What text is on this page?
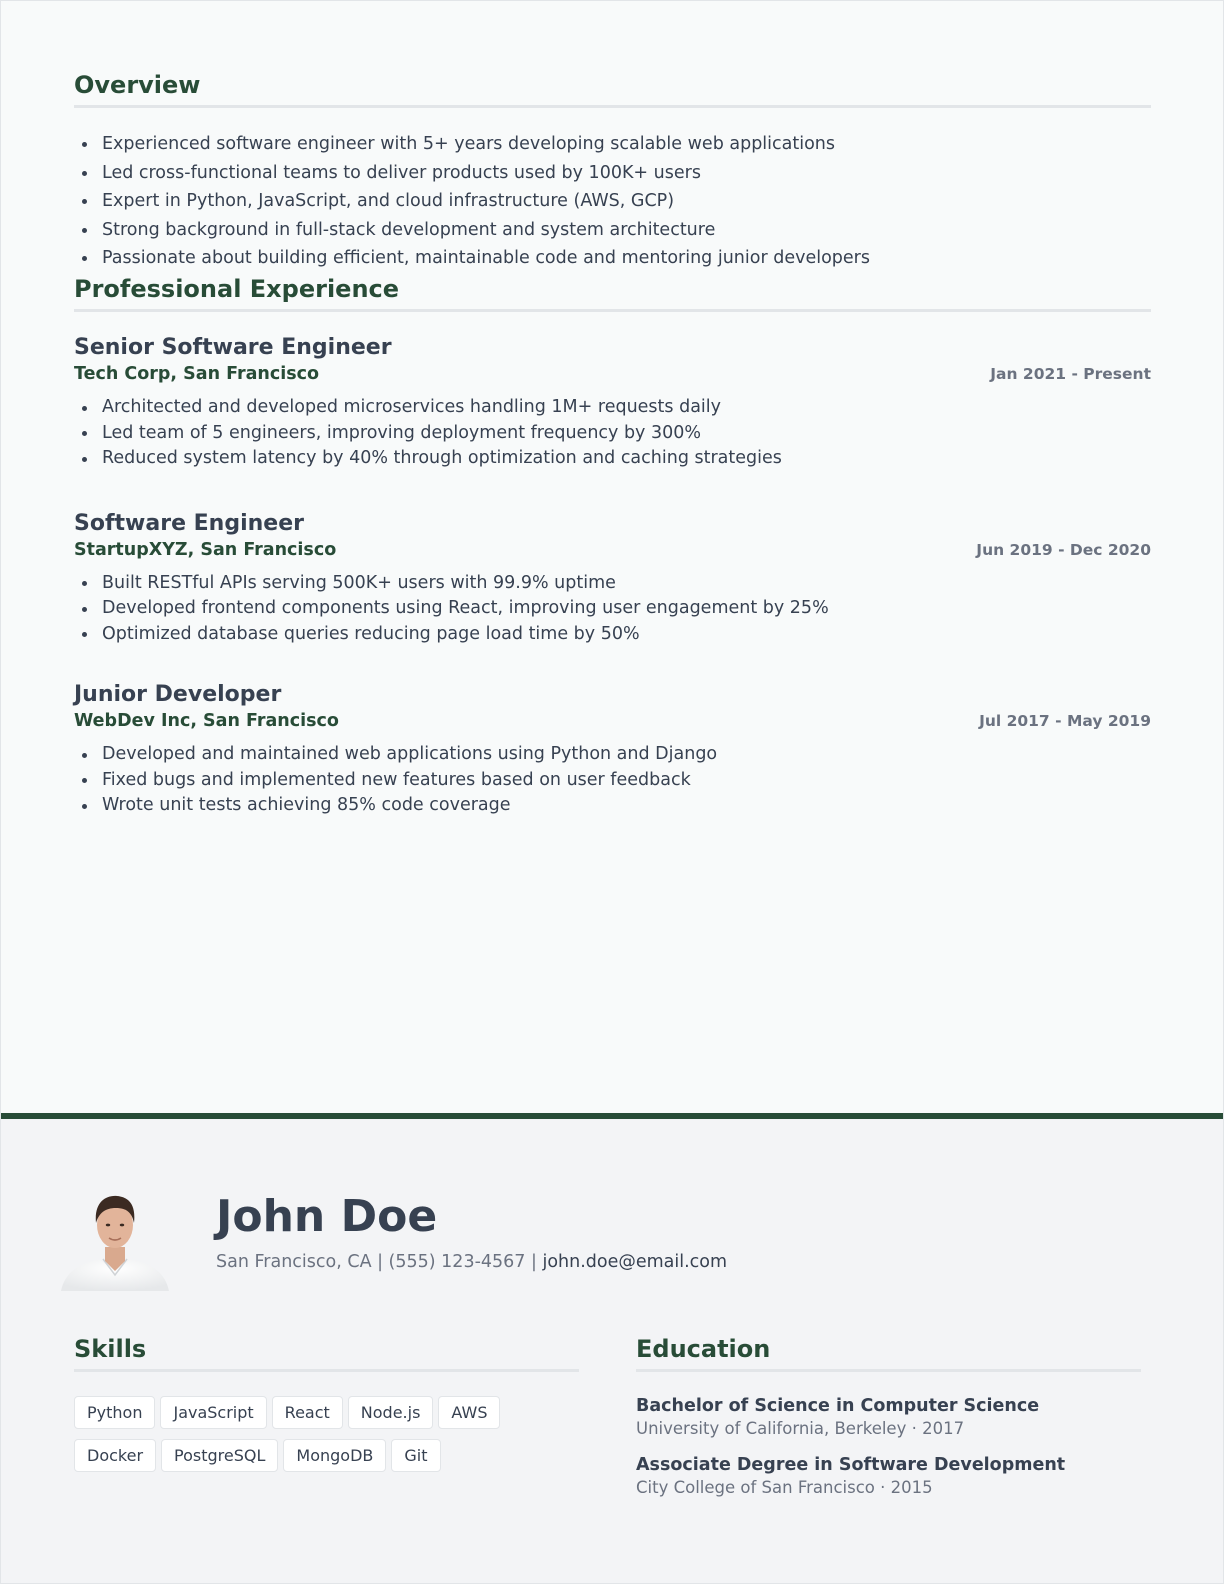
Overview
Experienced software engineer with 5+ years developing scalable web applications
Led cross-functional teams to deliver products used by 100K+ users
Expert in Python, JavaScript, and cloud infrastructure (AWS, GCP)
Strong background in full-stack development and system architecture
Passionate about building efficient, maintainable code and mentoring junior developers
Professional Experience
Senior Software Engineer
Tech Corp, San Francisco	Jan 2021 - Present
Architected and developed microservices handling 1M+ requests daily
Led team of 5 engineers, improving deployment frequency by 300%
Reduced system latency by 40% through optimization and caching strategies
Software Engineer
StartupXYZ, San Francisco	Jun 2019 - Dec 2020
Built RESTful APIs serving 500K+ users with 99.9% uptime
Developed frontend components using React, improving user engagement by 25%
Optimized database queries reducing page load time by 50%
Junior Developer
WebDev Inc, San Francisco	Jul 2017 - May 2019
Developed and maintained web applications using Python and Django
Fixed bugs and implemented new features based on user feedback
Wrote unit tests achieving 85% code coverage
John Doe
San Francisco, CA | (555) 123-4567 | john.doe@email.com
Skills
Python JavaScript React Node.js AWS
Docker PostgreSQL MongoDB Git
Education
Bachelor of Science in Computer Science
University of California, Berkeley · 2017
Associate Degree in Software Development
City College of San Francisco · 2015
